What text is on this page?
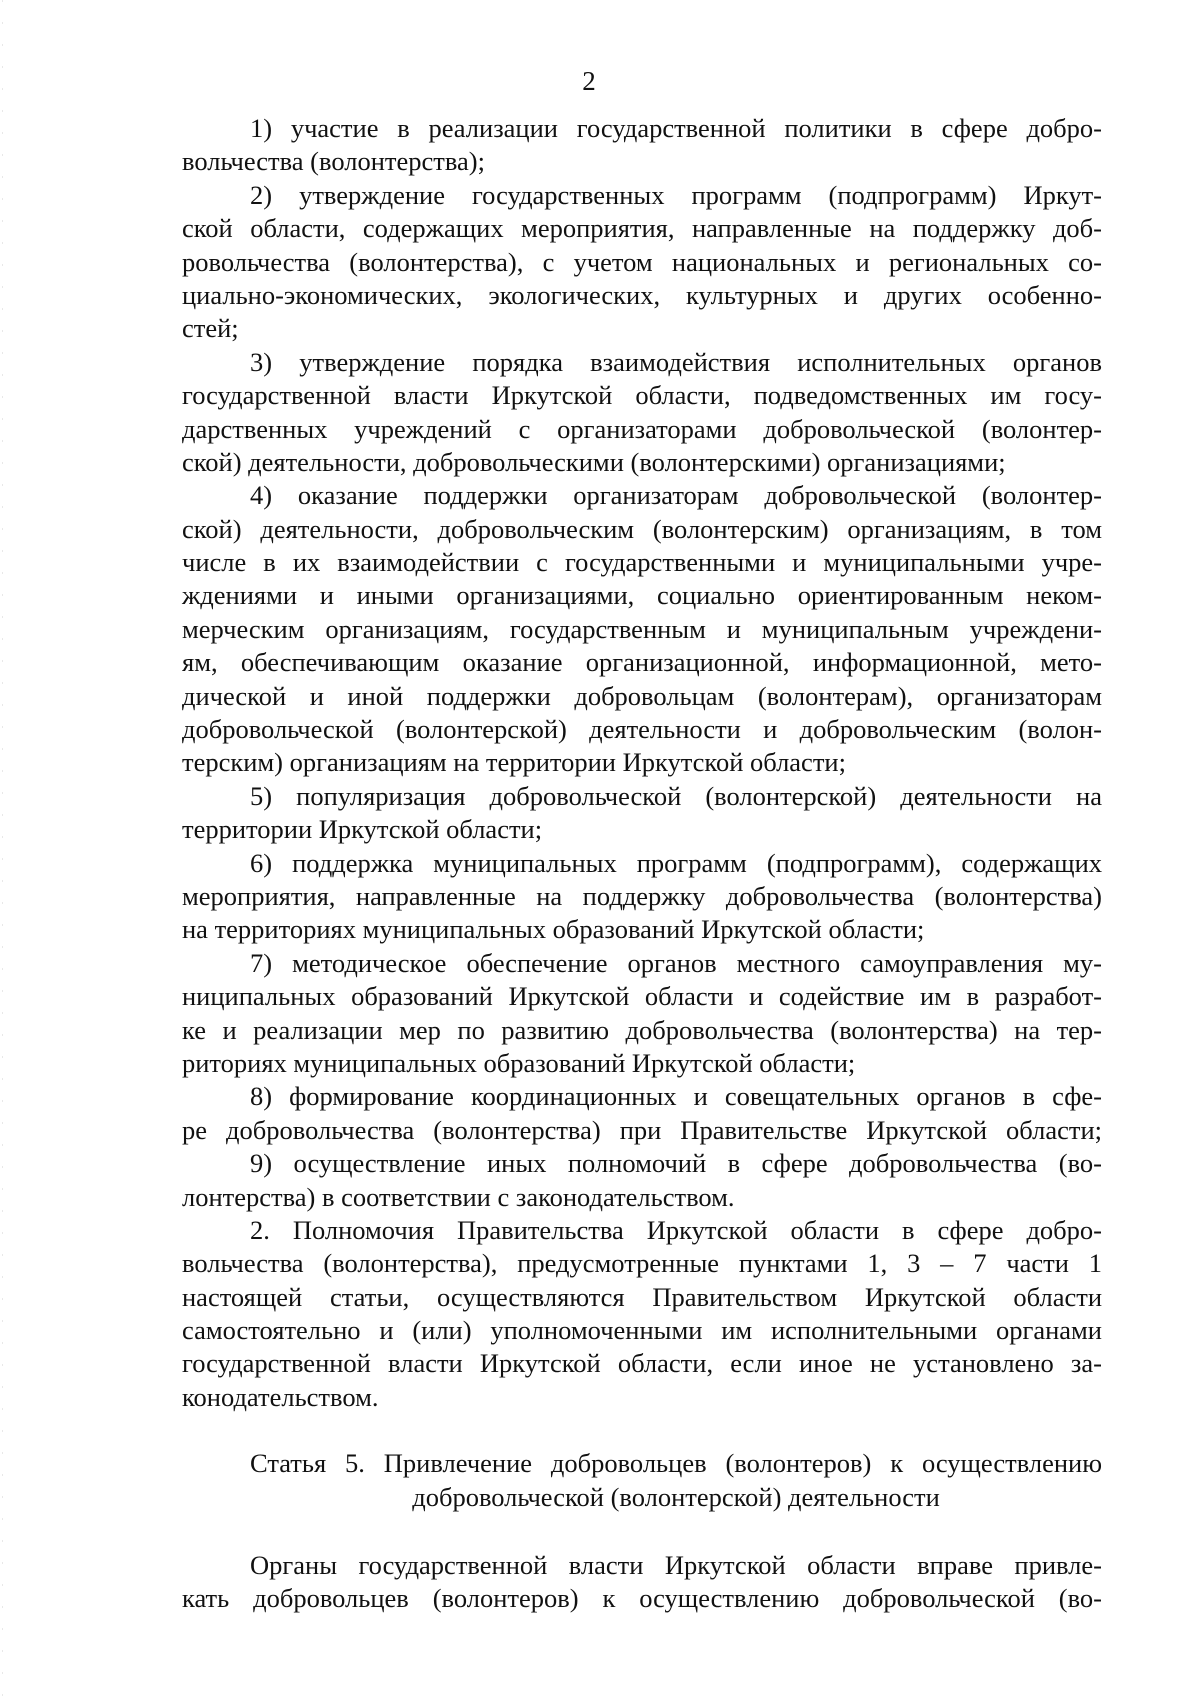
2
1) участие в реализации государственной политики в сфере добро-
вольчества (волонтерства);
2) утверждение государственных программ (подпрограмм) Иркут-
ской области, содержащих мероприятия, направленные на поддержку доб-
ровольчества (волонтерства), с учетом национальных и региональных со-
циально-экономических, экологических, культурных и других особенно-
стей;
3) утверждение порядка взаимодействия исполнительных органов
государственной власти Иркутской области, подведомственных им госу-
дарственных учреждений с организаторами добровольческой (волонтер-
ской) деятельности, добровольческими (волонтерскими) организациями;
4) оказание поддержки организаторам добровольческой (волонтер-
ской) деятельности, добровольческим (волонтерским) организациям, в том
числе в их взаимодействии с государственными и муниципальными учре-
ждениями и иными организациями, социально ориентированным неком-
мерческим организациям, государственным и муниципальным учреждени-
ям, обеспечивающим оказание организационной, информационной, мето-
дической и иной поддержки добровольцам (волонтерам), организаторам
добровольческой (волонтерской) деятельности и добровольческим (волон-
терским) организациям на территории Иркутской области;
5) популяризация добровольческой (волонтерской) деятельности на
территории Иркутской области;
6) поддержка муниципальных программ (подпрограмм), содержащих
мероприятия, направленные на поддержку добровольчества (волонтерства)
на территориях муниципальных образований Иркутской области;
7) методическое обеспечение органов местного самоуправления му-
ниципальных образований Иркутской области и содействие им в разработ-
ке и реализации мер по развитию добровольчества (волонтерства) на тер-
риториях муниципальных образований Иркутской области;
8) формирование координационных и совещательных органов в сфе-
ре добровольчества (волонтерства) при Правительстве Иркутской области;
9) осуществление иных полномочий в сфере добровольчества (во-
лонтерства) в соответствии с законодательством.
2. Полномочия Правительства Иркутской области в сфере добро-
вольчества (волонтерства), предусмотренные пунктами 1, 3 – 7 части 1
настоящей статьи, осуществляются Правительством Иркутской области
самостоятельно и (или) уполномоченными им исполнительными органами
государственной власти Иркутской области, если иное не установлено за-
конодательством.
Статья 5. Привлечение добровольцев (волонтеров) к осуществлению
добровольческой (волонтерской) деятельности
Органы государственной власти Иркутской области вправе привле-
кать добровольцев (волонтеров) к осуществлению добровольческой (во-
